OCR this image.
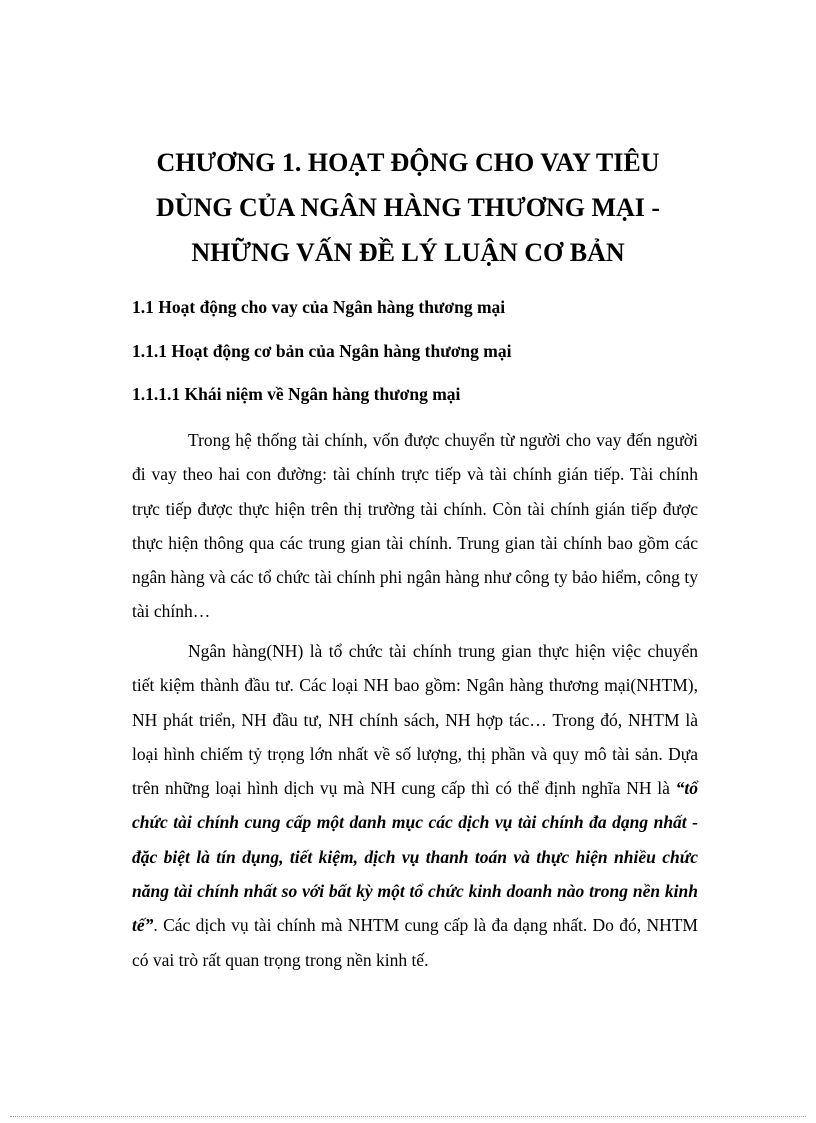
CHƯƠNG 1. HOẠT ĐỘNG CHO VAY TIÊU DÙNG CỦA NGÂN HÀNG THƯƠNG MẠI - NHỮNG VẤN ĐỀ LÝ LUẬN CƠ BẢN
1.1 Hoạt động cho vay của Ngân hàng thương mại
1.1.1 Hoạt động cơ bản của Ngân hàng thương mại
1.1.1.1 Khái niệm về Ngân hàng thương mại

Trong hệ thống tài chính, vốn được chuyển từ người cho vay đến người đi vay theo hai con đường: tài chính trực tiếp và tài chính gián tiếp. Tài chính trực tiếp được thực hiện trên thị trường tài chính. Còn tài chính gián tiếp được thực hiện thông qua các trung gian tài chính. Trung gian tài chính bao gồm các ngân hàng và các tổ chức tài chính phi ngân hàng như công ty bảo hiểm, công ty tài chính…

Ngân hàng(NH) là tổ chức tài chính trung gian thực hiện việc chuyển tiết kiệm thành đầu tư. Các loại NH bao gồm: Ngân hàng thương mại(NHTM), NH phát triển, NH đầu tư, NH chính sách, NH hợp tác… Trong đó, NHTM là loại hình chiếm tỷ trọng lớn nhất về số lượng, thị phần và quy mô tài sản. Dựa trên những loại hình dịch vụ mà NH cung cấp thì có thể định nghĩa NH là “tổ chức tài chính cung cấp một danh mục các dịch vụ tài chính đa dạng nhất - đặc biệt là tín dụng, tiết kiệm, dịch vụ thanh toán và thực hiện nhiều chức năng tài chính nhất so với bất kỳ một tổ chức kinh doanh nào trong nền kinh tế”. Các dịch vụ tài chính mà NHTM cung cấp là đa dạng nhất. Do đó, NHTM có vai trò rất quan trọng trong nền kinh tế.
